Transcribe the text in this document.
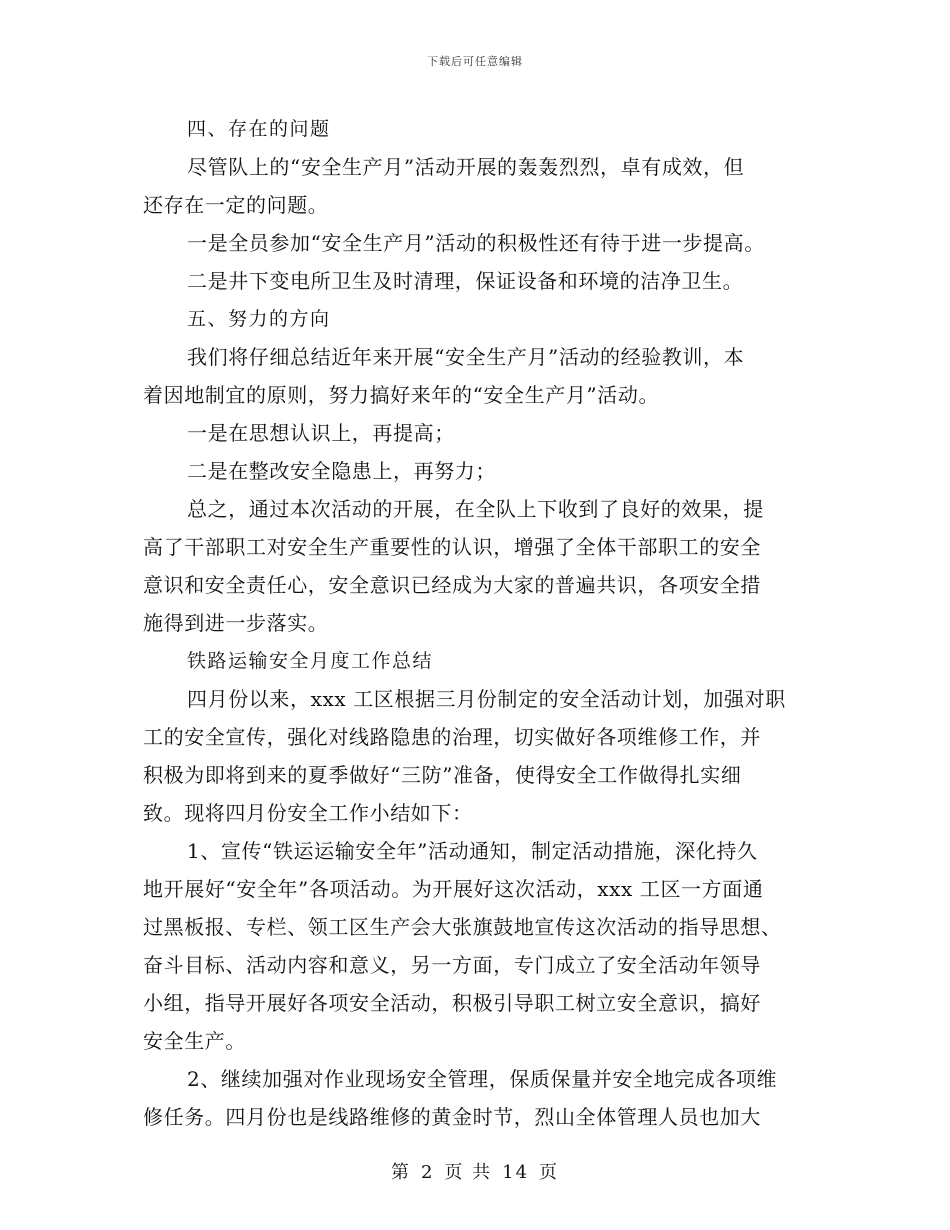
下载后可任意编辑
四、存在的问题
尽管队上的“安全生产月”活动开展的轰轰烈烈，卓有成效，但
还存在一定的问题。
一是全员参加“安全生产月”活动的积极性还有待于进一步提高。
二是井下变电所卫生及时清理，保证设备和环境的洁净卫生。
五、努力的方向
我们将仔细总结近年来开展“安全生产月”活动的经验教训，本
着因地制宜的原则，努力搞好来年的“安全生产月”活动。
一是在思想认识上，再提高；
二是在整改安全隐患上，再努力；
总之，通过本次活动的开展，在全队上下收到了良好的效果，提
高了干部职工对安全生产重要性的认识，增强了全体干部职工的安全
意识和安全责任心，安全意识已经成为大家的普遍共识，各项安全措
施得到进一步落实。
铁路运输安全月度工作总结
四月份以来，xxx 工区根据三月份制定的安全活动计划，加强对职
工的安全宣传，强化对线路隐患的治理，切实做好各项维修工作，并
积极为即将到来的夏季做好“三防”准备，使得安全工作做得扎实细
致。现将四月份安全工作小结如下：
1、宣传“铁运运输安全年”活动通知，制定活动措施，深化持久
地开展好“安全年”各项活动。为开展好这次活动，xxx 工区一方面通
过黑板报、专栏、领工区生产会大张旗鼓地宣传这次活动的指导思想、
奋斗目标、活动内容和意义，另一方面，专门成立了安全活动年领导
小组，指导开展好各项安全活动，积极引导职工树立安全意识，搞好
安全生产。
2、继续加强对作业现场安全管理，保质保量并安全地完成各项维
修任务。四月份也是线路维修的黄金时节，烈山全体管理人员也加大
第 2 页 共 14 页
